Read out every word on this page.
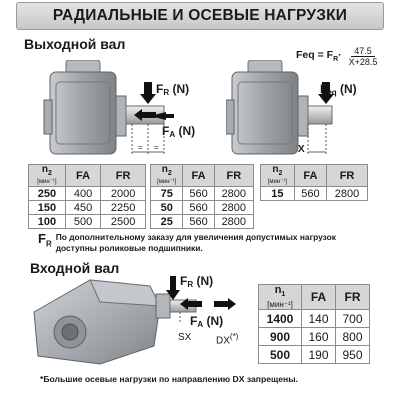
РАДИАЛЬНЫЕ И ОСЕВЫЕ НАГРУЗКИ
Выходной вал
Feq = $F_R\cdot \frac{47.5}{X+28.5}$
= =
$F_R$ (N)
$F_A$ (N)
$F_{eq}$ (N)
X
$n_2$
[мин⁻¹]	FA	FR
250	400	2000
150	450	2250
100	500	2500
$n_2$
[мин⁻¹]	FA	FR
75	560	2800
50	560	2800
25	560	2800
$n_2$
[мин⁻¹]	FA	FR
15	560	2800
$F_R$

По дополнительному заказу для увеличения допустимых нагрузок
доступны роликовые подшипники.

Входной вал
$F_R$ (N)
$F_A$ (N)
SX DX(*)
$n_1$
[мин⁻¹]	FA	FR
1400	140	700
900	160	800
500	190	950
*Большие осевые нагрузки по направлению DX запрещены.
